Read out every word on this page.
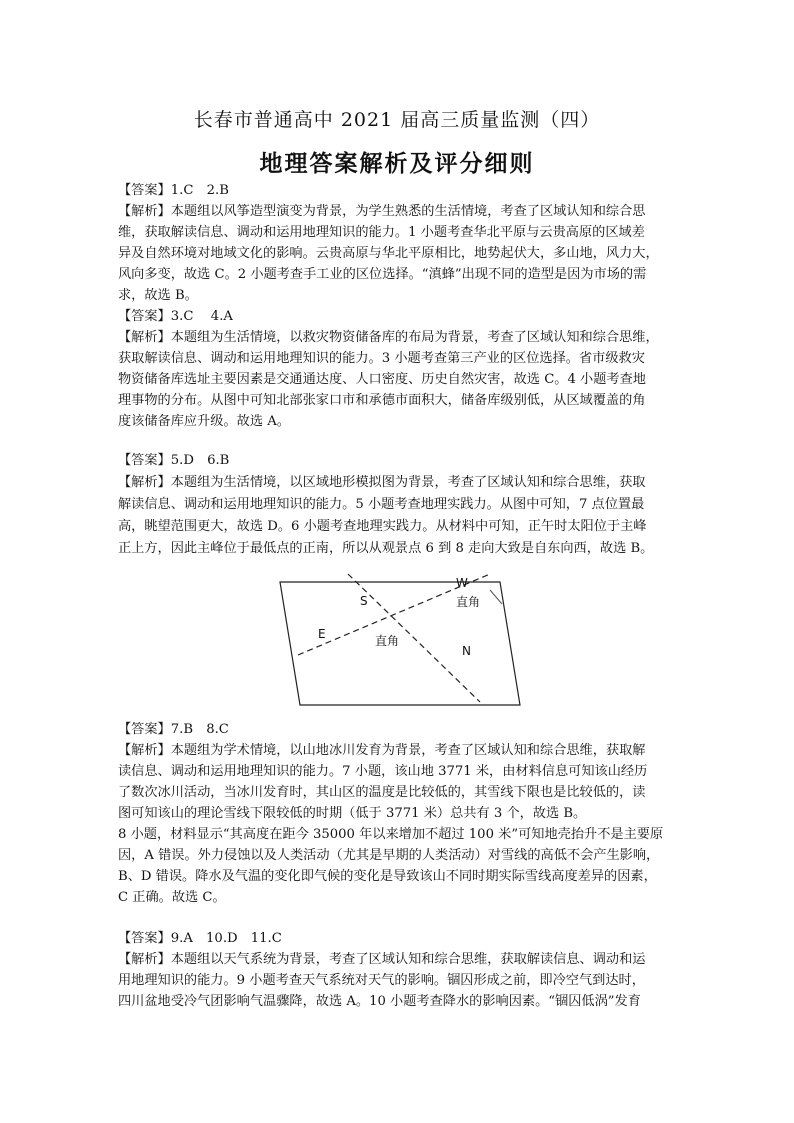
长春市普通高中 2021 届高三质量监测（四）
地理答案解析及评分细则
【答案】1.C　2.B
【解析】本题组以风筝造型演变为背景，为学生熟悉的生活情境，考查了区域认知和综合思
维，获取解读信息、调动和运用地理知识的能力。1 小题考查华北平原与云贵高原的区域差
异及自然环境对地域文化的影响。云贵高原与华北平原相比，地势起伏大，多山地，风力大，
风向多变，故选 C。2 小题考查手工业的区位选择。“滇蜂”出现不同的造型是因为市场的需
求，故选 B。
【答案】3.C　 4.A
【解析】本题组为生活情境，以救灾物资储备库的布局为背景，考查了区域认知和综合思维，
获取解读信息、调动和运用地理知识的能力。3 小题考查第三产业的区位选择。省市级救灾
物资储备库选址主要因素是交通通达度、人口密度、历史自然灾害，故选 C。4 小题考查地
理事物的分布。从图中可知北部张家口市和承德市面积大，储备库级别低，从区域覆盖的角
度该储备库应升级。故选 A。
【答案】5.D　6.B
【解析】本题组为生活情境，以区域地形模拟图为背景，考查了区域认知和综合思维，获取
解读信息、调动和运用地理知识的能力。5 小题考查地理实践力。从图中可知，7 点位置最
高，眺望范围更大，故选 D。6 小题考查地理实践力。从材料中可知，正午时太阳位于主峰
正上方，因此主峰位于最低点的正南，所以从观景点 6 到 8 走向大致是自东向西，故选 B。
W
S
E
N
直角
直角
【答案】7.B　8.C
【解析】本题组为学术情境，以山地冰川发育为背景，考查了区域认知和综合思维，获取解
读信息、调动和运用地理知识的能力。7 小题，该山地 3771 米，由材料信息可知该山经历
了数次冰川活动，当冰川发育时，其山区的温度是比较低的，其雪线下限也是比较低的，读
图可知该山的理论雪线下限较低的时期（低于 3771 米）总共有 3 个，故选 B。
8 小题，材料显示“其高度在距今 35000 年以来增加不超过 100 米”可知地壳抬升不是主要原
因，A 错误。外力侵蚀以及人类活动（尤其是早期的人类活动）对雪线的高低不会产生影响，
B、D 错误。降水及气温的变化即气候的变化是导致该山不同时期实际雪线高度差异的因素，
C 正确。故选 C。
【答案】9.A　10.D　11.C
【解析】本题组以天气系统为背景，考查了区域认知和综合思维，获取解读信息、调动和运
用地理知识的能力。9 小题考查天气系统对天气的影响。锢囚形成之前，即冷空气到达时，
四川盆地受冷气团影响气温骤降，故选 A。10 小题考查降水的影响因素。“锢囚低涡”发育
